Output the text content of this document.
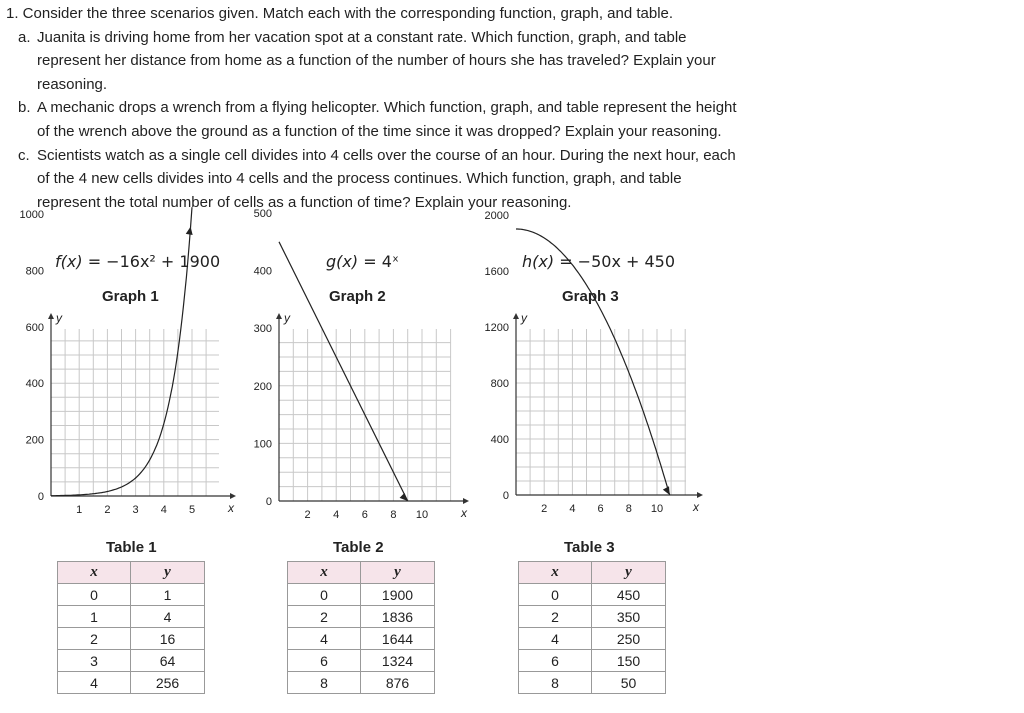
1. Consider the three scenarios given. Match each with the corresponding function, graph, and table.

a. Juanita is driving home from her vacation spot at a constant rate. Which function, graph, and table represent her distance from home as a function of the number of hours she has traveled? Explain your reasoning.

b. A mechanic drops a wrench from a flying helicopter. Which function, graph, and table represent the height of the wrench above the ground as a function of the time since it was dropped? Explain your reasoning.

c. Scientists watch as a single cell divides into 4 cells over the course of an hour. During the next hour, each of the 4 new cells divides into 4 cells and the process continues. Which function, graph, and table represent the total number of cells as a function of time? Explain your reasoning.

f(x) = −16x² + 1900	g(x) = 4ˣ	h(x) = −50x + 450
Graph 1	Graph 2	Graph 3
y
x
0
200
400
600
800
1000
1 2 3 4 5
y
x
0
100
200
300
400
500
2 4 6 8 10
y
x
0
400
800
1200
1600
2000
2 4 6 8 10
Table 1	Table 2	Table 3
x	y
0	1
1	4
2	16
3	64
4	256
x	y
0	1900
2	1836
4	1644
6	1324
8	876
x	y
0	450
2	350
4	250
6	150
8	50
